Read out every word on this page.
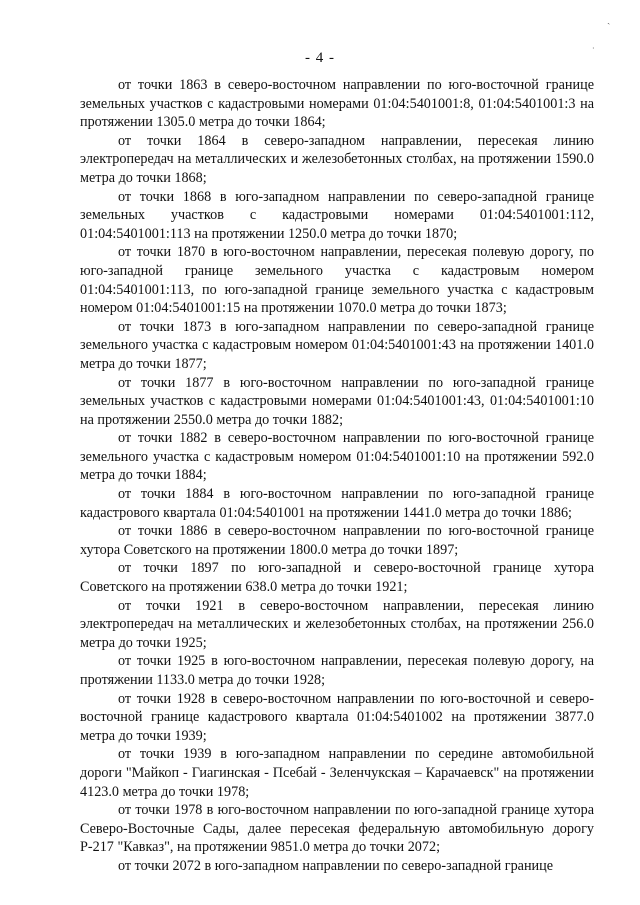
ˎ
·
- 4 -

от точки 1863 в северо-восточном направлении по юго-восточной границе земельных участков с кадастровыми номерами 01:04:5401001:8, 01:04:5401001:3 на протяжении 1305.0 метра до точки 1864;

от точки 1864 в северо-западном направлении, пересекая линию электропередач на металлических и железобетонных столбах, на протяжении 1590.0 метра до точки 1868;

от точки 1868 в юго-западном направлении по северо-западной границе земельных участков с кадастровыми номерами 01:04:5401001:112, 01:04:5401001:113 на протяжении 1250.0 метра до точки 1870;

от точки 1870 в юго-восточном направлении, пересекая полевую дорогу, по юго-западной границе земельного участка с кадастровым номером 01:04:5401001:113, по юго-западной границе земельного участка с кадастровым номером 01:04:5401001:15 на протяжении 1070.0 метра до точки 1873;

от точки 1873 в юго-западном направлении по северо-западной границе земельного участка с кадастровым номером 01:04:5401001:43 на протяжении 1401.0 метра до точки 1877;

от точки 1877 в юго-восточном направлении по юго-западной границе земельных участков с кадастровыми номерами 01:04:5401001:43, 01:04:5401001:10 на протяжении 2550.0 метра до точки 1882;

от точки 1882 в северо-восточном направлении по юго-восточной границе земельного участка с кадастровым номером 01:04:5401001:10 на протяжении 592.0 метра до точки 1884;

от точки 1884 в юго-восточном направлении по юго-западной границе кадастрового квартала 01:04:5401001 на протяжении 1441.0 метра до точки 1886;

от точки 1886 в северо-восточном направлении по юго-восточной границе хутора Советского на протяжении 1800.0 метра до точки 1897;

от точки 1897 по юго-западной и северо-восточной границе хутора Советского на протяжении 638.0 метра до точки 1921;

от точки 1921 в северо-восточном направлении, пересекая линию электропередач на металлических и железобетонных столбах, на протяжении 256.0 метра до точки 1925;

от точки 1925 в юго-восточном направлении, пересекая полевую дорогу, на протяжении 1133.0 метра до точки 1928;

от точки 1928 в северо-восточном направлении по юго-восточной и северо-восточной границе кадастрового квартала 01:04:5401002 на протяжении 3877.0 метра до точки 1939;

от точки 1939 в юго-западном направлении по середине автомобильной дороги "Майкоп - Гиагинская - Псебай - Зеленчукская – Карачаевск" на протяжении 4123.0 метра до точки 1978;

от точки 1978 в юго-восточном направлении по юго-западной границе хутора Северо-Восточные Сады, далее пересекая федеральную автомобильную дорогу Р-217 "Кавказ", на протяжении 9851.0 метра до точки 2072;

от точки 2072 в юго-западном направлении по северо-западной границе
